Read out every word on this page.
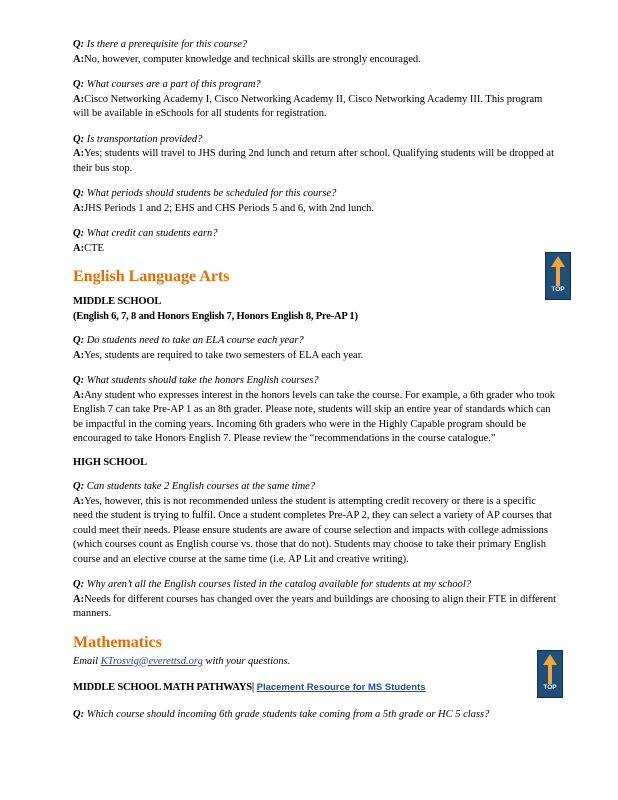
Q: Is there a prerequisite for this course?
A:No, however, computer knowledge and technical skills are strongly encouraged.
Q: What courses are a part of this program?
A:Cisco Networking Academy I, Cisco Networking Academy II, Cisco Networking Academy III. This program will be available in eSchools for all students for registration.
Q: Is transportation provided?
A:Yes; students will travel to JHS during 2nd lunch and return after school. Qualifying students will be dropped at their bus stop.
Q: What periods should students be scheduled for this course?
A:JHS Periods 1 and 2; EHS and CHS Periods 5 and 6, with 2nd lunch.
Q: What credit can students earn?
A:CTE
English Language Arts
MIDDLE SCHOOL
(English 6, 7, 8 and Honors English 7, Honors English 8, Pre-AP 1)
Q: Do students need to take an ELA course each year?
A:Yes, students are required to take two semesters of ELA each year.
Q: What students should take the honors English courses?
A:Any student who expresses interest in the honors levels can take the course. For example, a 6th grader who took English 7 can take Pre-AP 1 as an 8th grader. Please note, students will skip an entire year of standards which can be impactful in the coming years. Incoming 6th graders who were in the Highly Capable program should be encouraged to take Honors English 7. Please review the “recommendations in the course catalogue.”
HIGH SCHOOL
Q: Can students take 2 English courses at the same time?
A:Yes, however, this is not recommended unless the student is attempting credit recovery or there is a specific need the student is trying to fulfil. Once a student completes Pre-AP 2, they can select a variety of AP courses that could meet their needs. Please ensure students are aware of course selection and impacts with college admissions (which courses count as English course vs. those that do not). Students may choose to take their primary English course and an elective course at the same time (i.e. AP Lit and creative writing).
Q: Why aren’t all the English courses listed in the catalog available for students at my school?
A:Needs for different courses has changed over the years and buildings are choosing to align their FTE in different manners.
Mathematics
Email KTrosvig@everettsd.org with your questions.
MIDDLE SCHOOL MATH PATHWAYS| Placement Resource for MS Students
Q: Which course should incoming 6th grade students take coming from a 5th grade or HC 5 class?
TOP
TOP
